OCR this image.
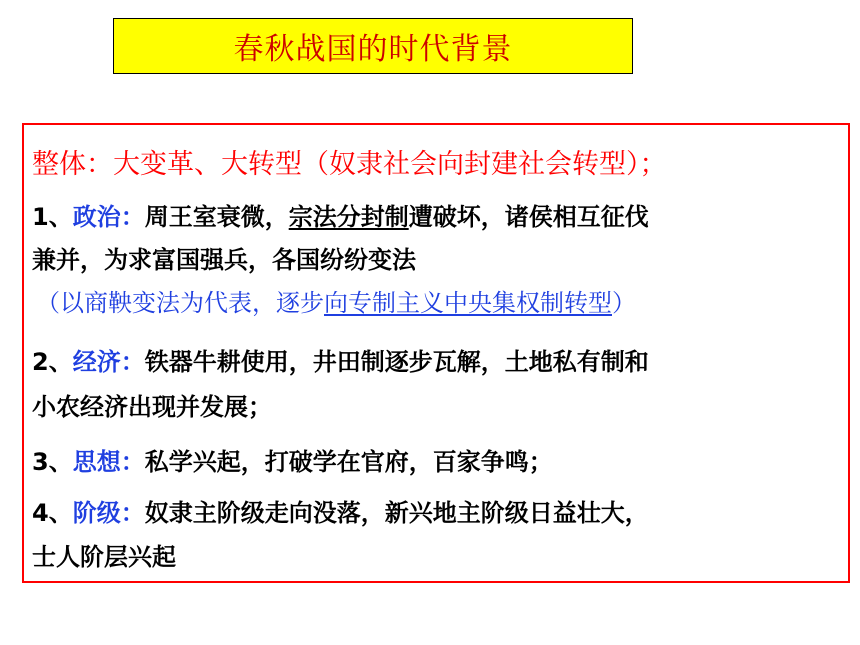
春秋战国的时代背景
整体：大变革、大转型（奴隶社会向封建社会转型）；
1、政治：周王室衰微，宗法分封制遭破坏，诸侯相互征伐
兼并，为求富国强兵，各国纷纷变法
（以商鞅变法为代表，逐步向专制主义中央集权制转型）
2、经济：铁器牛耕使用，井田制逐步瓦解，土地私有制和
小农经济出现并发展；
3、思想：私学兴起，打破学在官府，百家争鸣；
4、阶级：奴隶主阶级走向没落，新兴地主阶级日益壮大，
士人阶层兴起
